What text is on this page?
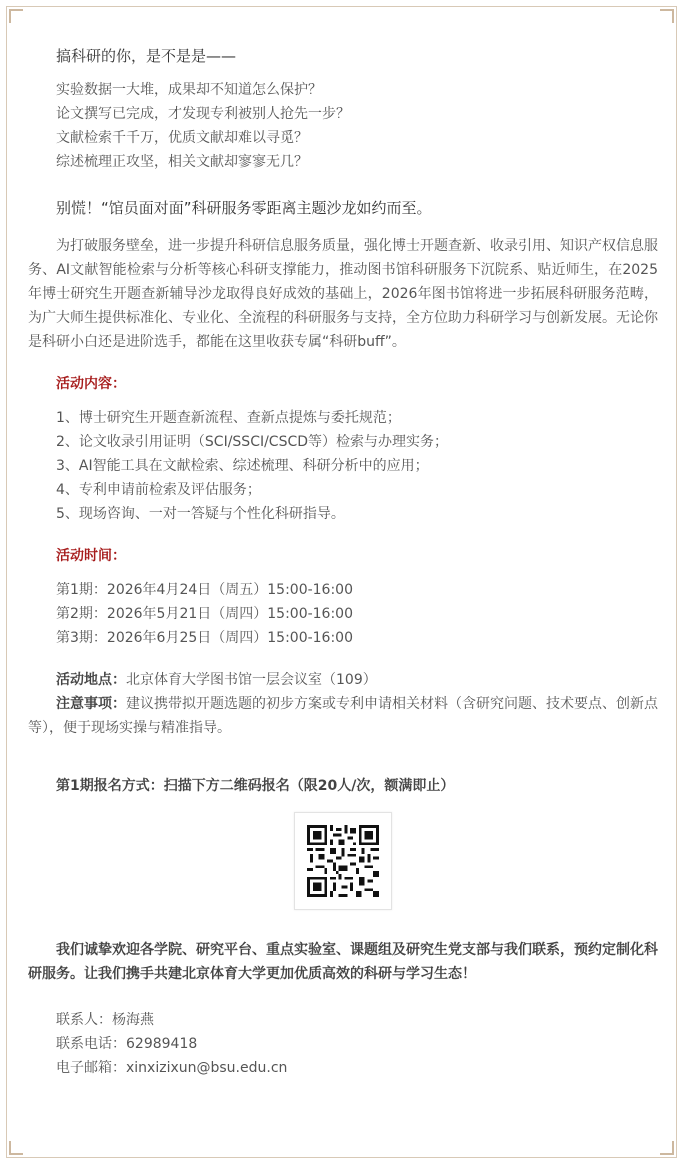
搞科研的你，是不是是——

实验数据一大堆，成果却不知道怎么保护？

论文撰写已完成，才发现专利被别人抢先一步？

文献检索千千万，优质文献却难以寻觅？

综述梳理正攻坚，相关文献却寥寥无几？

别慌！“馆员面对面”科研服务零距离主题沙龙如约而至。

为打破服务壁垒，进一步提升科研信息服务质量，强化博士开题查新、收录引用、知识产权信息服务、AI文献智能检索与分析等核心科研支撑能力，推动图书馆科研服务下沉院系、贴近师生，在2025年博士研究生开题查新辅导沙龙取得良好成效的基础上，2026年图书馆将进一步拓展科研服务范畴，为广大师生提供标准化、专业化、全流程的科研服务与支持，全方位助力科研学习与创新发展。无论你是科研小白还是进阶选手，都能在这里收获专属“科研buff”。

活动内容：

1、博士研究生开题查新流程、查新点提炼与委托规范；

2、论文收录引用证明（SCI/SSCI/CSCD等）检索与办理实务；

3、AI智能工具在文献检索、综述梳理、科研分析中的应用；

4、专利申请前检索及评估服务；

5、现场咨询、一对一答疑与个性化科研指导。

活动时间：

第1期：2026年4月24日（周五）15:00-16:00

第2期：2026年5月21日（周四）15:00-16:00

第3期：2026年6月25日（周四）15:00-16:00

活动地点：北京体育大学图书馆一层会议室（109）

注意事项：建议携带拟开题选题的初步方案或专利申请相关材料（含研究问题、技术要点、创新点等），便于现场实操与精准指导。

第1期报名方式：扫描下方二维码报名（限20人/次，额满即止）

我们诚挚欢迎各学院、研究平台、重点实验室、课题组及研究生党支部与我们联系，预约定制化科研服务。让我们携手共建北京体育大学更加优质高效的科研与学习生态！

联系人：杨海燕

联系电话：62989418

电子邮箱：xinxizixun@bsu.edu.cn
